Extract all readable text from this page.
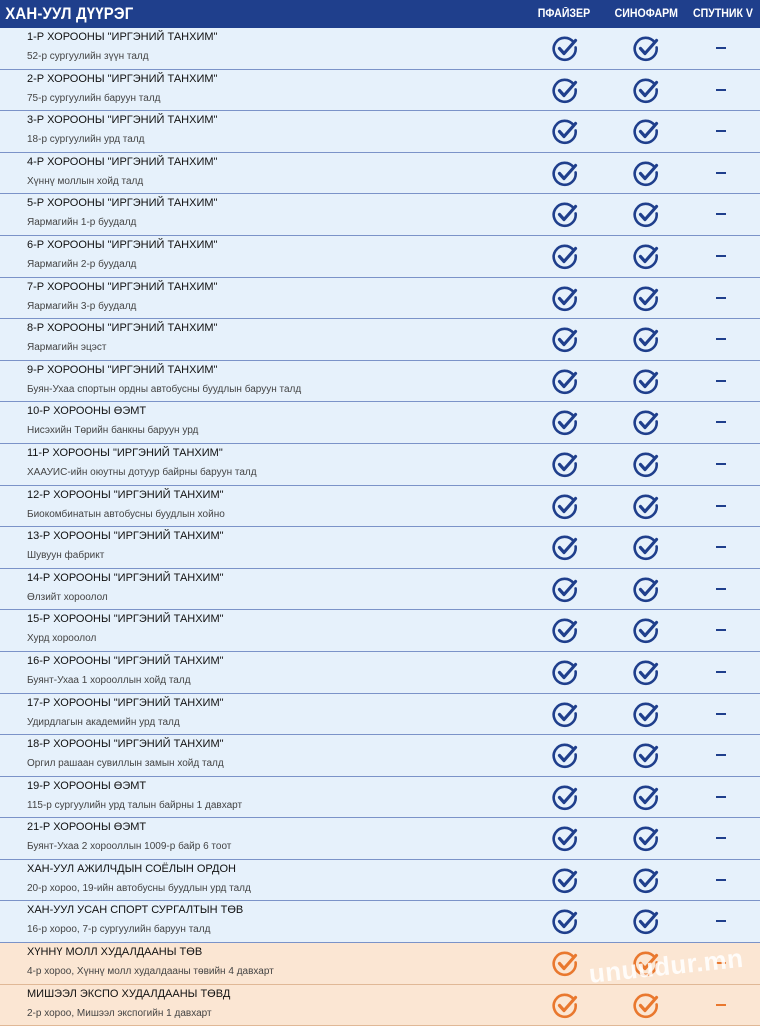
ХАН-УУЛ ДҮҮРЭГ	ПФАЙЗЕР СИНОФАРМ СПУТНИК V
1-Р ХОРООНЫ "ИРГЭНИЙ ТАНХИМ"
52-р сургуулийн зүүн талд
2-Р ХОРООНЫ "ИРГЭНИЙ ТАНХИМ"
75-р сургуулийн баруун талд
3-Р ХОРООНЫ "ИРГЭНИЙ ТАНХИМ"
18-р сургуулийн урд талд
4-Р ХОРООНЫ "ИРГЭНИЙ ТАНХИМ"
Хүннү моллын хойд талд
5-Р ХОРООНЫ "ИРГЭНИЙ ТАНХИМ"
Яармагийн 1-р буудалд
6-Р ХОРООНЫ "ИРГЭНИЙ ТАНХИМ"
Яармагийн 2-р буудалд
7-Р ХОРООНЫ "ИРГЭНИЙ ТАНХИМ"
Яармагийн 3-р буудалд
8-Р ХОРООНЫ "ИРГЭНИЙ ТАНХИМ"
Яармагийн эцэст
9-Р ХОРООНЫ "ИРГЭНИЙ ТАНХИМ"
Буян-Ухаа спортын ордны автобусны буудлын баруун талд
10-Р ХОРООНЫ ӨЭМТ
Нисэхийн Төрийн банкны баруун урд
11-Р ХОРООНЫ "ИРГЭНИЙ ТАНХИМ"
ХААУИС-ийн оюутны дотуур байрны баруун талд
12-Р ХОРООНЫ "ИРГЭНИЙ ТАНХИМ"
Биокомбинатын автобусны буудлын хойно
13-Р ХОРООНЫ "ИРГЭНИЙ ТАНХИМ"
Шувуун фабрикт
14-Р ХОРООНЫ "ИРГЭНИЙ ТАНХИМ"
Өлзийт хороолол
15-Р ХОРООНЫ "ИРГЭНИЙ ТАНХИМ"
Хурд хороолол
16-Р ХОРООНЫ "ИРГЭНИЙ ТАНХИМ"
Буянт-Ухаа 1 хорооллын хойд талд
17-Р ХОРООНЫ "ИРГЭНИЙ ТАНХИМ"
Удирдлагын академийн урд талд
18-Р ХОРООНЫ "ИРГЭНИЙ ТАНХИМ"
Оргил рашаан сувиллын замын хойд талд
19-Р ХОРООНЫ ӨЭМТ
115-р сургуулийн урд талын байрны 1 давхарт
21-Р ХОРООНЫ ӨЭМТ
Буянт-Ухаа 2 хорооллын 1009-р байр 6 тоот
ХАН-УУЛ АЖИЛЧДЫН СОЁЛЫН ОРДОН
20-р хороо, 19-ийн автобусны буудлын урд талд
ХАН-УУЛ УСАН СПОРТ СУРГАЛТЫН ТӨВ
16-р хороо, 7-р сургуулийн баруун талд
ХҮННҮ МОЛЛ ХУДАЛДААНЫ ТӨВ
4-р хороо, Хүннү молл худалдааны төвийн 4 давхарт
МИШЭЭЛ ЭКСПО ХУДАЛДААНЫ ТӨВД
2-р хороо, Мишээл экспогийн 1 давхарт
unuudur.mn
